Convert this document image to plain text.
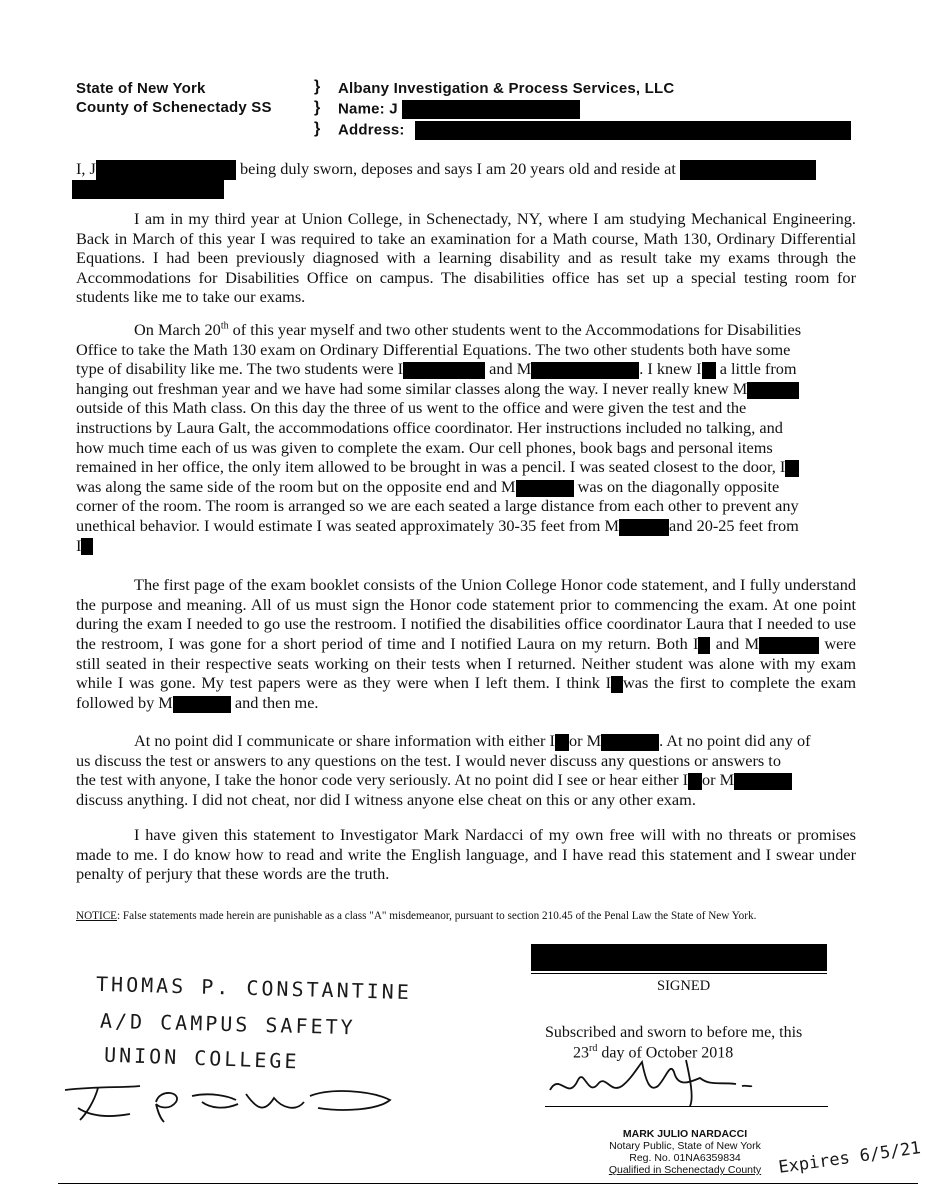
State of New York
County of Schenectady SS
}
}
}
Albany Investigation & Process Services, LLC
Name: J
Address:
I, J	being duly sworn, deposes and says I am 20 years old and reside at
I am in my third year at Union College, in Schenectady, NY, where I am studying Mechanical Engineering. Back in March of this year I was required to take an examination for a Math course, Math 130, Ordinary Differential Equations. I had been previously diagnosed with a learning disability and as result take my exams through the Accommodations for Disabilities Office on campus. The disabilities office has set up a special testing room for students like me to take our exams.
On March 20th of this year myself and two other students went to the Accommodations for Disabilities
Office to take the Math 130 exam on Ordinary Differential Equations. The two other students both have some
type of disability like me. The two students were I	and M	. I knew I a little from
hanging out freshman year and we have had some similar classes along the way. I never really knew M
outside of this Math class. On this day the three of us went to the office and were given the test and the
instructions by Laura Galt, the accommodations office coordinator. Her instructions included no talking, and
how much time each of us was given to complete the exam. Our cell phones, book bags and personal items
remained in her office, the only item allowed to be brought in was a pencil. I was seated closest to the door, I
was along the same side of the room but on the opposite end and M	was on the diagonally opposite
corner of the room. The room is arranged so we are each seated a large distance from each other to prevent any
unethical behavior. I would estimate I was seated approximately 30-35 feet from M	and 20-25 feet from
I
The first page of the exam booklet consists of the Union College Honor code statement, and I fully understand the purpose and meaning. All of us must sign the Honor code statement prior to commencing the exam. At one point during the exam I needed to go use the restroom. I notified the disabilities office coordinator Laura that I needed to use the restroom, I was gone for a short period of time and I notified Laura on my return. Both I and M	were still seated in their respective seats working on their tests when I returned. Neither student was alone with my exam while I was gone. My test papers were as they were when I left them. I think I was the first to complete the exam followed by M	and then me.
At no point did I communicate or share information with either I or M	. At no point did any of
us discuss the test or answers to any questions on the test. I would never discuss any questions or answers to
the test with anyone, I take the honor code very seriously. At no point did I see or hear either I or M
discuss anything. I did not cheat, nor did I witness anyone else cheat on this or any other exam.
I have given this statement to Investigator Mark Nardacci of my own free will with no threats or promises made to me. I do know how to read and write the English language, and I have read this statement and I swear under penalty of perjury that these words are the truth.
NOTICE: False statements made herein are punishable as a class "A" misdemeanor, pursuant to section 210.45 of the Penal Law the State of New York.
SIGNED
Subscribed and sworn to before me, this
23rd day of October 2018
MARK JULIO NARDACCI
Notary Public, State of New York
Reg. No. 01NA6359834
Qualified in Schenectady County Expires 6/5/21
THOMAS P. CONSTANTINE
A/D CAMPUS SAFETY
UNION COLLEGE
